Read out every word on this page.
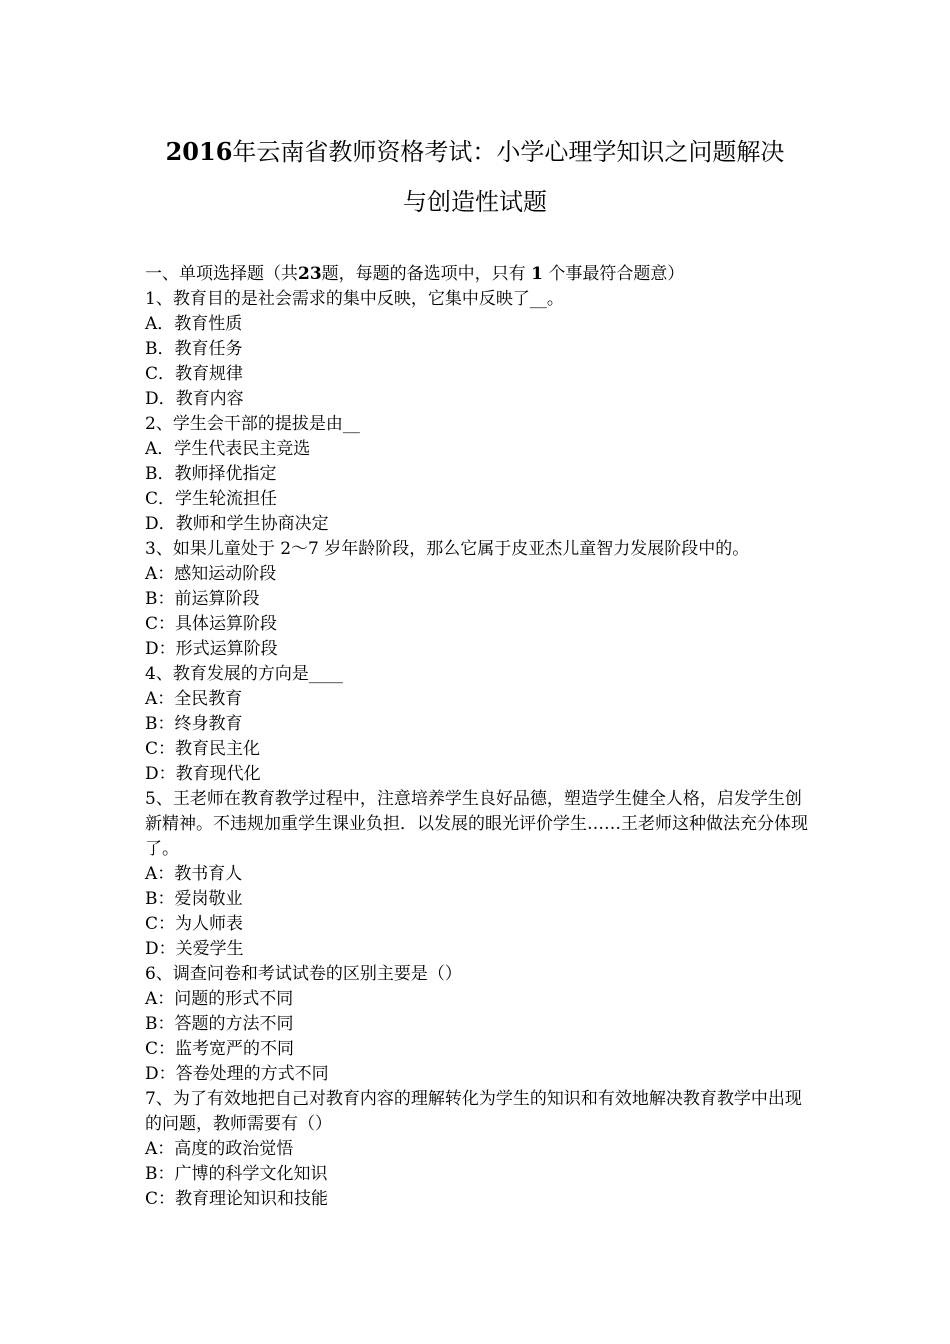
2016年云南省教师资格考试：小学心理学知识之问题解决
与创造性试题
一、单项选择题（共23题，每题的备选项中，只有 1 个事最符合题意）
1、教育目的是社会需求的集中反映，它集中反映了__。
A．教育性质
B．教育任务
C．教育规律
D．教育内容
2、学生会干部的提拔是由__
A．学生代表民主竞选
B．教师择优指定
C．学生轮流担任
D．教师和学生协商决定
3、如果儿童处于 2～7 岁年龄阶段，那么它属于皮亚杰儿童智力发展阶段中的。
A：感知运动阶段
B：前运算阶段
C：具体运算阶段
D：形式运算阶段
4、教育发展的方向是____
A：全民教育
B：终身教育
C：教育民主化
D：教育现代化
5、王老师在教育教学过程中，注意培养学生良好品德，塑造学生健全人格，启发学生创新精神。不违规加重学生课业负担．以发展的眼光评价学生……王老师这种做法充分体现了。
A：教书育人
B：爱岗敬业
C：为人师表
D：关爱学生
6、调查问卷和考试试卷的区别主要是（）
A：问题的形式不同
B：答题的方法不同
C：监考宽严的不同
D：答卷处理的方式不同
7、为了有效地把自己对教育内容的理解转化为学生的知识和有效地解决教育教学中出现的问题，教师需要有（）
A：高度的政治觉悟
B：广博的科学文化知识
C：教育理论知识和技能
